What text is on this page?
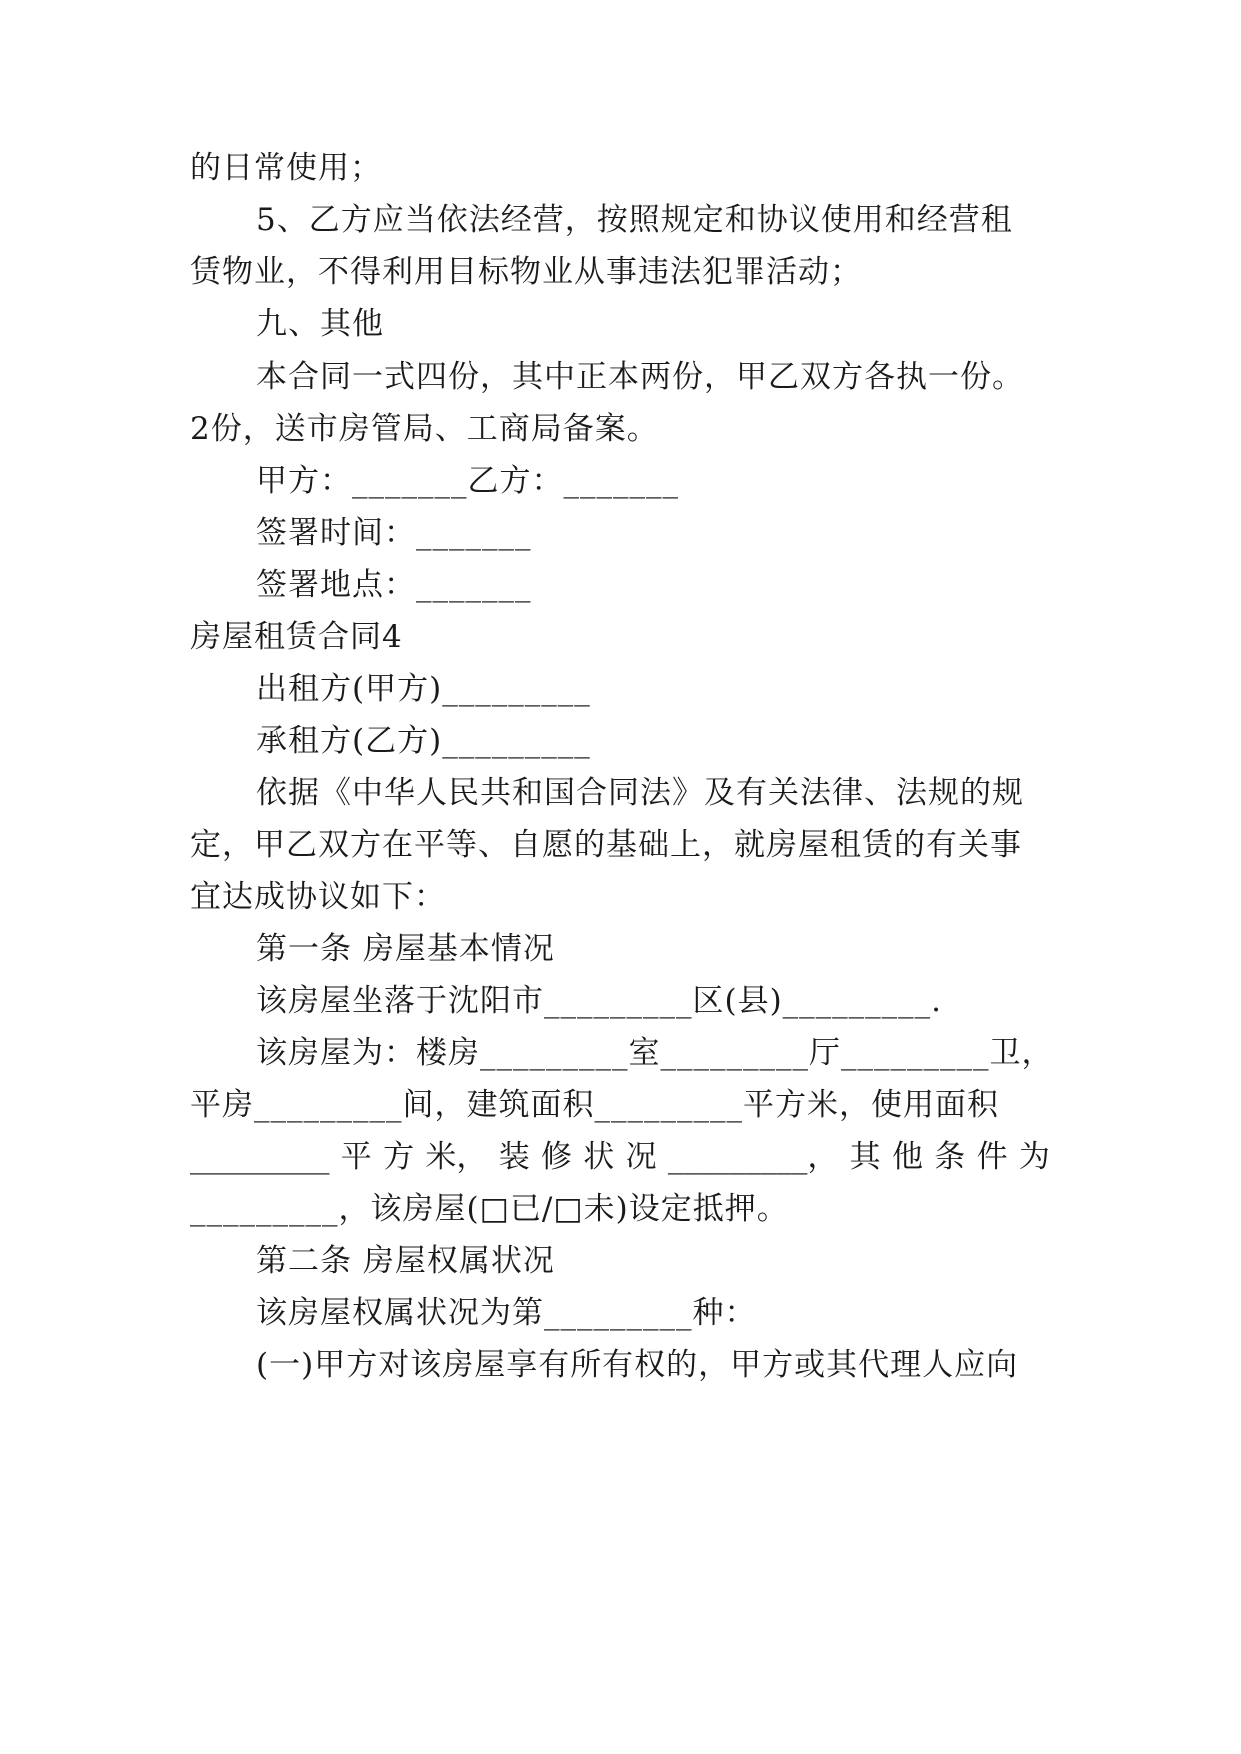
的日常使用；
5、乙方应当依法经营，按照规定和协议使用和经营租
赁物业，不得利用目标物业从事违法犯罪活动；
九、其他
本合同一式四份，其中正本两份，甲乙双方各执一份。
2份，送市房管局、工商局备案。
甲方：_______乙方：_______
签署时间：_______
签署地点：_______
房屋租赁合同4
出租方(甲方)_________
承租方(乙方)_________
依据《中华人民共和国合同法》及有关法律、法规的规
定，甲乙双方在平等、自愿的基础上，就房屋租赁的有关事
宜达成协议如下：
第一条 房屋基本情况
该房屋坐落于沈阳市_________区(县)_________.
该房屋为：楼房_________室_________厅_________卫，
平房_________间，建筑面积_________平方米，使用面积
_________ 平 方 米， 装 修 状 况 _________， 其 他 条 件 为
_________，该房屋(□已/□未)设定抵押。
第二条 房屋权属状况
该房屋权属状况为第_________种：
(一)甲方对该房屋享有所有权的，甲方或其代理人应向
